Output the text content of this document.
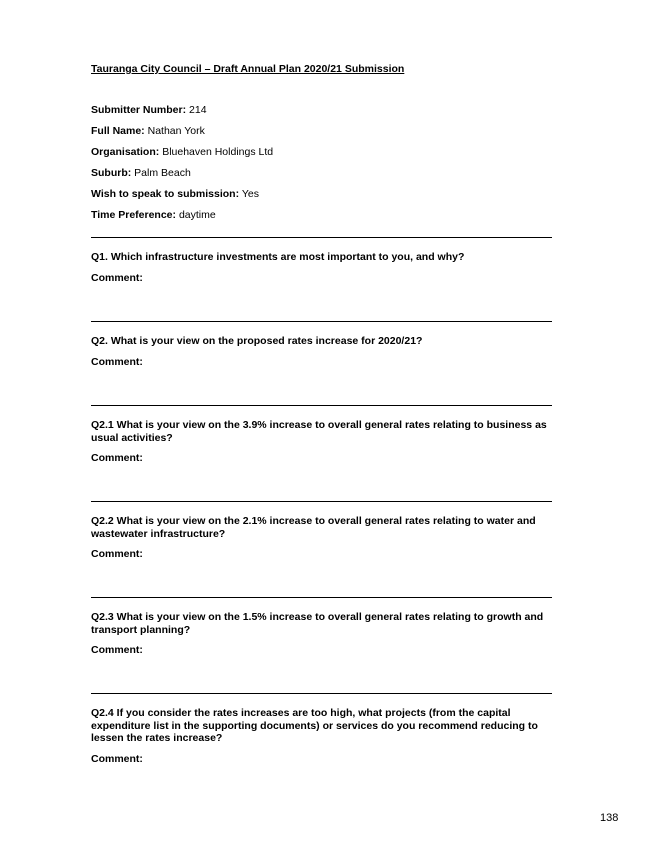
Tauranga City Council – Draft Annual Plan 2020/21 Submission
Submitter Number: 214
Full Name: Nathan York
Organisation: Bluehaven Holdings Ltd
Suburb: Palm Beach
Wish to speak to submission: Yes
Time Preference: daytime
Q1. Which infrastructure investments are most important to you, and why?
Comment:
Q2. What is your view on the proposed rates increase for 2020/21?
Comment:
Q2.1 What is your view on the 3.9% increase to overall general rates relating to business as usual activities?
Comment:
Q2.2 What is your view on the 2.1% increase to overall general rates relating to water and wastewater infrastructure?
Comment:
Q2.3 What is your view on the 1.5% increase to overall general rates relating to growth and transport planning?
Comment:
Q2.4 If you consider the rates increases are too high, what projects (from the capital expenditure list in the supporting documents) or services do you recommend reducing to lessen the rates increase?
Comment:
138
